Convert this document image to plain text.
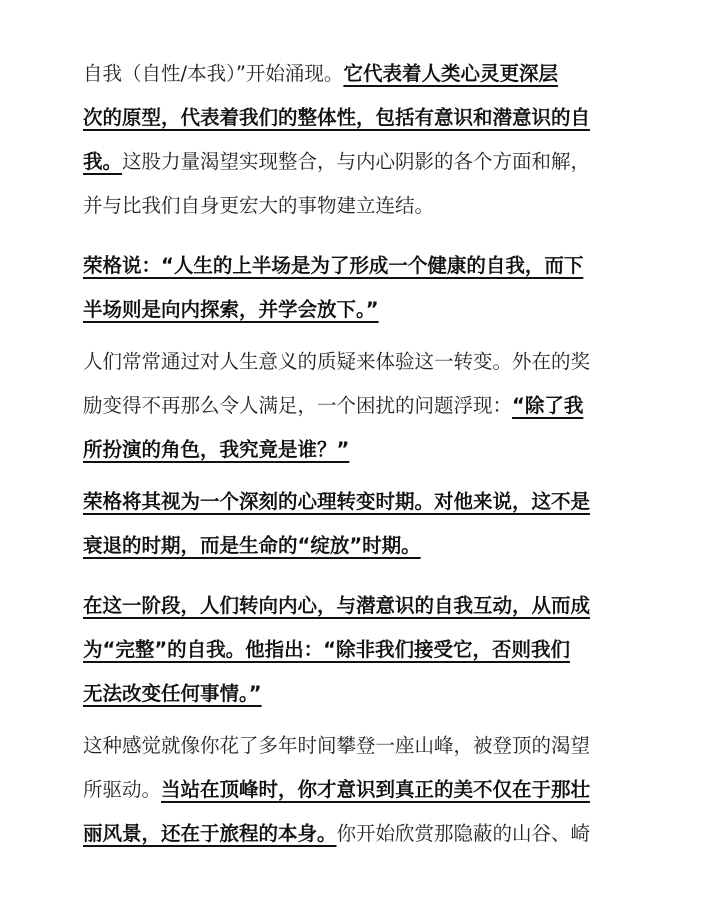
自我（自性/本我）”开始涌现。它代表着人类心灵更深层
次的原型，代表着我们的整体性，包括有意识和潜意识的自
我。这股力量渴望实现整合，与内心阴影的各个方面和解，
并与比我们自身更宏大的事物建立连结。
荣格说：“人生的上半场是为了形成一个健康的自我，而下
半场则是向内探索，并学会放下。”
人们常常通过对人生意义的质疑来体验这一转变。外在的奖
励变得不再那么令人满足，一个困扰的问题浮现：“除了我
所扮演的角色，我究竟是谁？”
荣格将其视为一个深刻的心理转变时期。对他来说，这不是
衰退的时期，而是生命的“绽放”时期。
在这一阶段，人们转向内心，与潜意识的自我互动，从而成
为“完整”的自我。他指出：“除非我们接受它，否则我们
无法改变任何事情。”
这种感觉就像你花了多年时间攀登一座山峰，被登顶的渴望
所驱动。当站在顶峰时，你才意识到真正的美不仅在于那壮
丽风景，还在于旅程的本身。你开始欣赏那隐蔽的山谷、崎
